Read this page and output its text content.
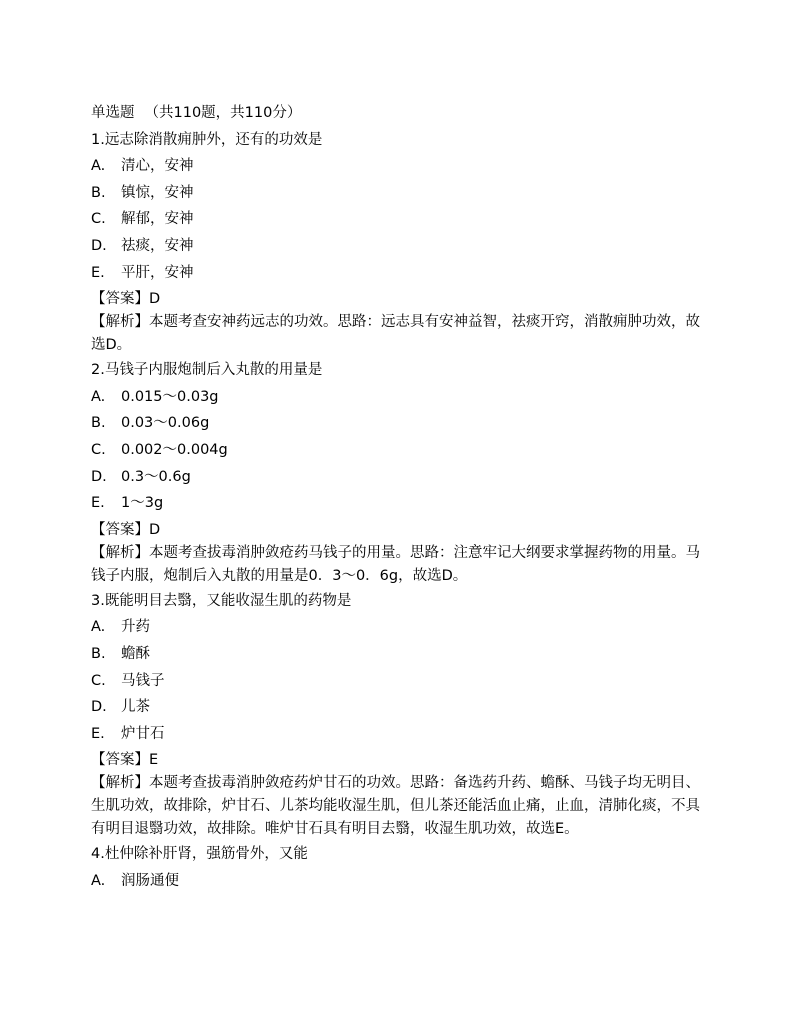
单选题 （共110题，共110分）
1.远志除消散痈肿外，还有的功效是
A. 清心，安神
B. 镇惊，安神
C. 解郁，安神
D. 祛痰，安神
E. 平肝，安神
【答案】D
【解析】本题考查安神药远志的功效。思路：远志具有安神益智，祛痰开窍，消散痈肿功效，故选D。
2.马钱子内服炮制后入丸散的用量是
A. 0.015～0.03g
B. 0.03～0.06g
C. 0.002～0.004g
D. 0.3～0.6g
E. 1～3g
【答案】D
【解析】本题考查拔毒消肿敛疮药马钱子的用量。思路：注意牢记大纲要求掌握药物的用量。马钱子内服，炮制后入丸散的用量是0．3～0．6g，故选D。
3.既能明目去翳，又能收湿生肌的药物是
A. 升药
B. 蟾酥
C. 马钱子
D. 儿茶
E. 炉甘石
【答案】E
【解析】本题考查拔毒消肿敛疮药炉甘石的功效。思路：备选药升药、蟾酥、马钱子均无明目、生肌功效，故排除，炉甘石、儿茶均能收湿生肌，但儿茶还能活血止痛，止血，清肺化痰，不具有明目退翳功效，故排除。唯炉甘石具有明目去翳，收湿生肌功效，故选E。
4.杜仲除补肝肾，强筋骨外，又能
A. 润肠通便
